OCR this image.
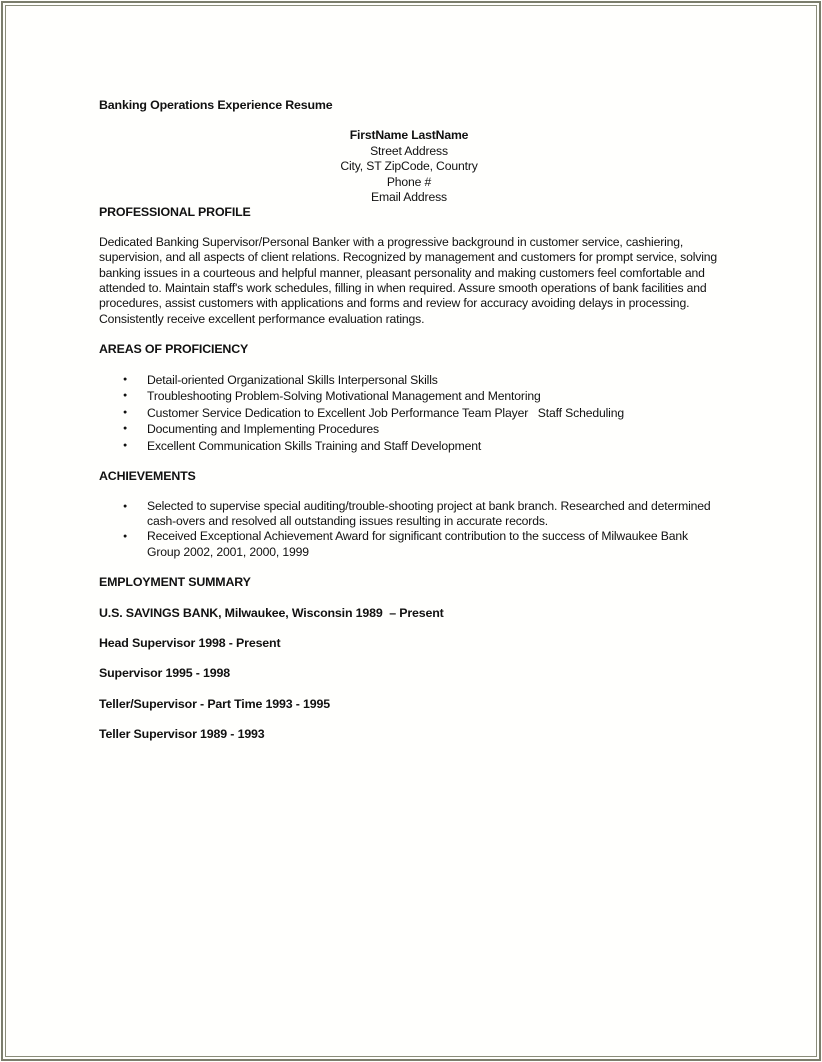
Banking Operations Experience Resume

FirstName LastName
Street Address
City, ST ZipCode, Country
Phone #
Email Address

PROFESSIONAL PROFILE

Dedicated Banking Supervisor/Personal Banker with a progressive background in customer service, cashiering, supervision, and all aspects of client relations. Recognized by management and customers for prompt service, solving banking issues in a courteous and helpful manner, pleasant personality and making customers feel comfortable and attended to. Maintain staff's work schedules, filling in when required. Assure smooth operations of bank facilities and procedures, assist customers with applications and forms and review for accuracy avoiding delays in processing. Consistently receive excellent performance evaluation ratings.

AREAS OF PROFICIENCY

● Detail-oriented Organizational Skills Interpersonal Skills
● Troubleshooting Problem-Solving Motivational Management and Mentoring
● Customer Service Dedication to Excellent Job Performance Team Player   Staff Scheduling
● Documenting and Implementing Procedures
● Excellent Communication Skills Training and Staff Development

ACHIEVEMENTS

● Selected to supervise special auditing/trouble-shooting project at bank branch. Researched and determined cash-overs and resolved all outstanding issues resulting in accurate records.
● Received Exceptional Achievement Award for significant contribution to the success of Milwaukee Bank Group 2002, 2001, 2000, 1999

EMPLOYMENT SUMMARY

U.S. SAVINGS BANK, Milwaukee, Wisconsin 1989  – Present

Head Supervisor 1998 - Present

Supervisor 1995 - 1998

Teller/Supervisor - Part Time 1993 - 1995

Teller Supervisor 1989 - 1993
